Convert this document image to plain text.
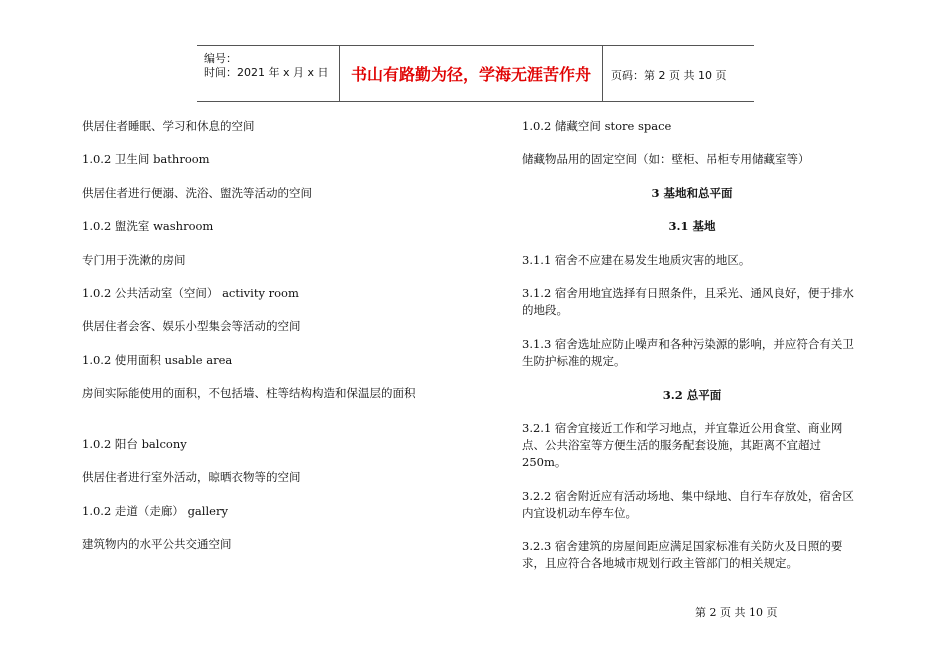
编号：
时间：2021 年 x 月 x 日	书山有路勤为径，学海无涯苦作舟	页码：第 2 页 共 10 页

供居住者睡眠、学习和休息的空间

1.0.2 卫生间 bathroom

供居住者进行便溺、洗浴、盥洗等活动的空间

1.0.2 盥洗室 washroom

专门用于洗漱的房间

1.0.2 公共活动室（空间） activity room

供居住者会客、娱乐小型集会等活动的空间

1.0.2 使用面积 usable area

房间实际能使用的面积，不包括墙、柱等结构构造和保温层的面积

1.0.2 阳台 balcony

供居住者进行室外活动，晾晒衣物等的空间

1.0.2 走道（走廊） gallery

建筑物内的水平公共交通空间

1.0.2 储藏空间 store space

储藏物品用的固定空间（如：壁柜、吊柜专用储藏室等）

3 基地和总平面

3.1 基地

3.1.1 宿舍不应建在易发生地质灾害的地区。

3.1.2 宿舍用地宜选择有日照条件，且采光、通风良好，便于排水的地段。

3.1.3 宿舍选址应防止噪声和各种污染源的影响，并应符合有关卫生防护标准的规定。

3.2 总平面

3.2.1 宿舍宜接近工作和学习地点，并宜靠近公用食堂、商业网点、公共浴室等方便生活的服务配套设施，其距离不宜超过 250m。

3.2.2 宿舍附近应有活动场地、集中绿地、自行车存放处，宿舍区内宜设机动车停车位。

3.2.3 宿舍建筑的房屋间距应满足国家标准有关防火及日照的要求，且应符合各地城市规划行政主管部门的相关规定。

第 2 页 共 10 页
